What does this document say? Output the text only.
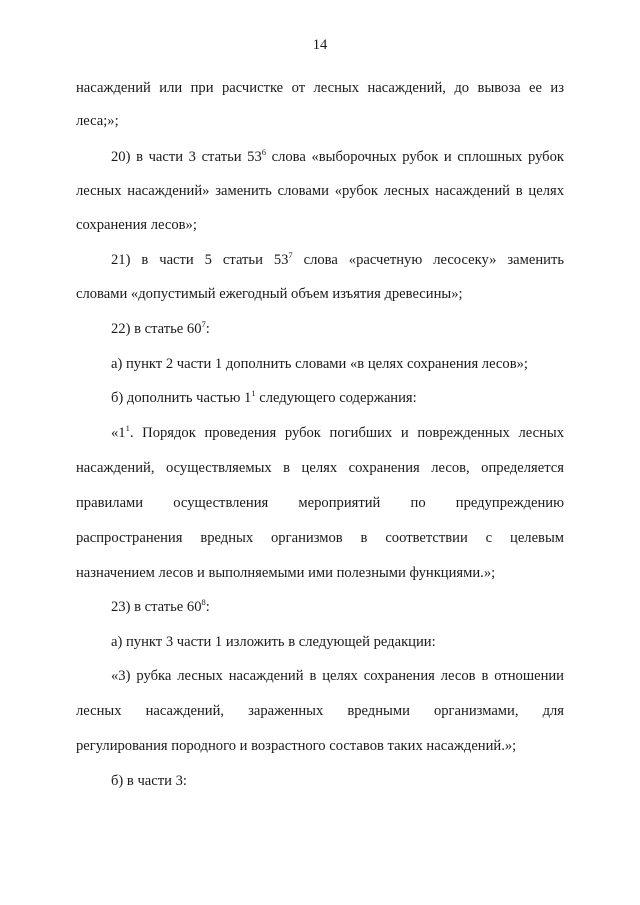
14
насаждений или при расчистке от лесных насаждений, до вывоза ее из
леса;»;
20) в части 3 статьи $53^6$ слова «выборочных рубок и сплошных рубок
лесных насаждений» заменить словами «рубок лесных насаждений в целях
сохранения лесов»;
21) в части 5 статьи $53^7$ слова «расчетную лесосеку» заменить
словами «допустимый ежегодный объем изъятия древесины»;
22) в статье $60^7$:
а) пункт 2 части 1 дополнить словами «в целях сохранения лесов»;
б) дополнить частью $1^1$ следующего содержания:
«$1^1$. Порядок проведения рубок погибших и поврежденных лесных
насаждений, осуществляемых в целях сохранения лесов, определяется
правилами осуществления мероприятий по предупреждению
распространения вредных организмов в соответствии с целевым
назначением лесов и выполняемыми ими полезными функциями.»;
23) в статье $60^8$:
а) пункт 3 части 1 изложить в следующей редакции:
«3) рубка лесных насаждений в целях сохранения лесов в отношении
лесных насаждений, зараженных вредными организмами, для
регулирования породного и возрастного составов таких насаждений.»;
б) в части 3:
